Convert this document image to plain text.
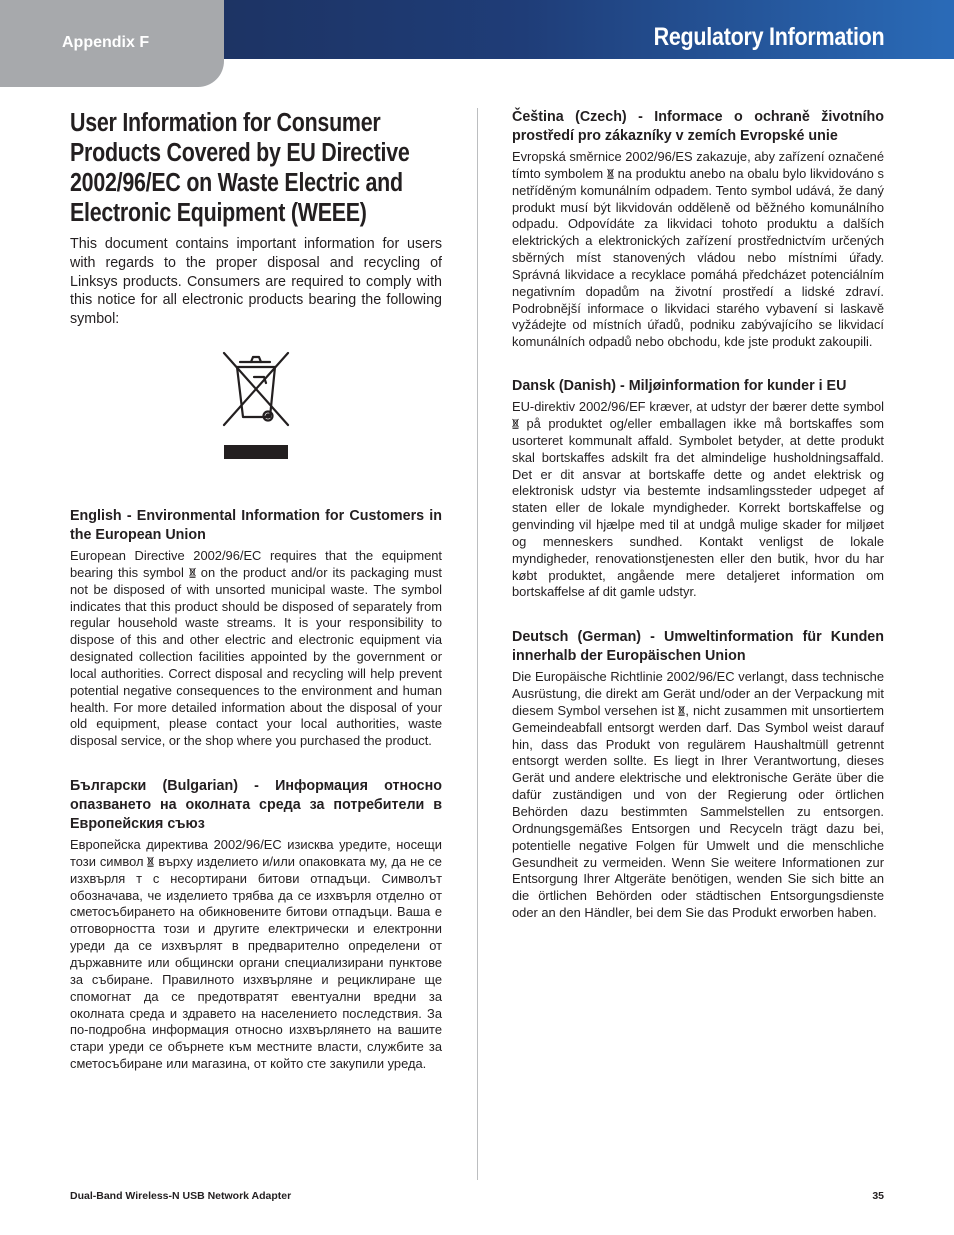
Appendix F	Regulatory Information
User Information for Consumer Products Covered by EU Directive 2002/96/EC on Waste Electric and Electronic Equipment (WEEE)

This document contains important information for users with regards to the proper disposal and recycling of Linksys products. Consumers are required to comply with this notice for all electronic products bearing the following symbol:

English - Environmental Information for Customers in the European Union

European Directive 2002/96/EC requires that the equipment bearing this symbol  on the product and/or its packaging must not be disposed of with unsorted municipal waste. The symbol indicates that this product should be disposed of separately from regular household waste streams. It is your responsibility to dispose of this and other electric and electronic equipment via designated collection facilities appointed by the government or local authorities. Correct disposal and recycling will help prevent potential negative consequences to the environment and human health. For more detailed information about the disposal of your old equipment, please contact your local authorities, waste disposal service, or the shop where you purchased the product.

Български (Bulgarian) - Информация относно опазването на околната среда за потребители в Европейския съюз

Европейска директива 2002/96/EC изисква уредите, носещи този символ  върху изделието и/или опаковката му, да не се изхвърля т с несортирани битови отпадъци. Символът обозначава, че изделието трябва да се изхвърля отделно от сметосъбирането на обикновените битови отпадъци. Ваша е отговорността този и другите електрически и електронни уреди да се изхвърлят в предварително определени от държавните или общински органи специализирани пунктове за събиране. Правилното изхвърляне и рециклиране ще спомогнат да се предотвратят евентуални вредни за околната среда и здравето на населението последствия. За по-подробна информация относно изхвърлянето на вашите стари уреди се обърнете към местните власти, службите за сметосъбиране или магазина, от който сте закупили уреда.

Čeština (Czech) - Informace o ochraně životního prostředí pro zákazníky v zemích Evropské unie

Evropská směrnice 2002/96/ES zakazuje, aby zařízení označené tímto symbolem  na produktu anebo na obalu bylo likvidováno s netříděným komunálním odpadem. Tento symbol udává, že daný produkt musí být likvidován odděleně od běžného komunálního odpadu. Odpovídáte za likvidaci tohoto produktu a dalších elektrických a elektronických zařízení prostřednictvím určených sběrných míst stanovených vládou nebo místními úřady. Správná likvidace a recyklace pomáhá předcházet potenciálním negativním dopadům na životní prostředí a lidské zdraví. Podrobnější informace o likvidaci starého vybavení si laskavě vyžádejte od místních úřadů, podniku zabývajícího se likvidací komunálních odpadů nebo obchodu, kde jste produkt zakoupili.

Dansk (Danish) - Miljøinformation for kunder i EU

EU-direktiv 2002/96/EF kræver, at udstyr der bærer dette symbol  på produktet og/eller emballagen ikke må bortskaffes som usorteret kommunalt affald. Symbolet betyder, at dette produkt skal bortskaffes adskilt fra det almindelige husholdningsaffald. Det er dit ansvar at bortskaffe dette og andet elektrisk og elektronisk udstyr via bestemte indsamlingssteder udpeget af staten eller de lokale myndigheder. Korrekt bortskaffelse og genvinding vil hjælpe med til at undgå mulige skader for miljøet og menneskers sundhed. Kontakt venligst de lokale myndigheder, renovationstjenesten eller den butik, hvor du har købt produktet, angående mere detaljeret information om bortskaffelse af dit gamle udstyr.

Deutsch (German) - Umweltinformation für Kunden innerhalb der Europäischen Union

Die Europäische Richtlinie 2002/96/EC verlangt, dass technische Ausrüstung, die direkt am Gerät und/oder an der Verpackung mit diesem Symbol versehen ist , nicht zusammen mit unsortiertem Gemeindeabfall entsorgt werden darf. Das Symbol weist darauf hin, dass das Produkt von regulärem Haushaltmüll getrennt entsorgt werden sollte. Es liegt in Ihrer Verantwortung, dieses Gerät und andere elektrische und elektronische Geräte über die dafür zuständigen und von der Regierung oder örtlichen Behörden dazu bestimmten Sammelstellen zu entsorgen. Ordnungsgemäßes Entsorgen und Recyceln trägt dazu bei, potentielle negative Folgen für Umwelt und die menschliche Gesundheit zu vermeiden. Wenn Sie weitere Informationen zur Entsorgung Ihrer Altgeräte benötigen, wenden Sie sich bitte an die örtlichen Behörden oder städtischen Entsorgungsdienste oder an den Händler, bei dem Sie das Produkt erworben haben.

Dual-Band Wireless-N USB Network Adapter	35
